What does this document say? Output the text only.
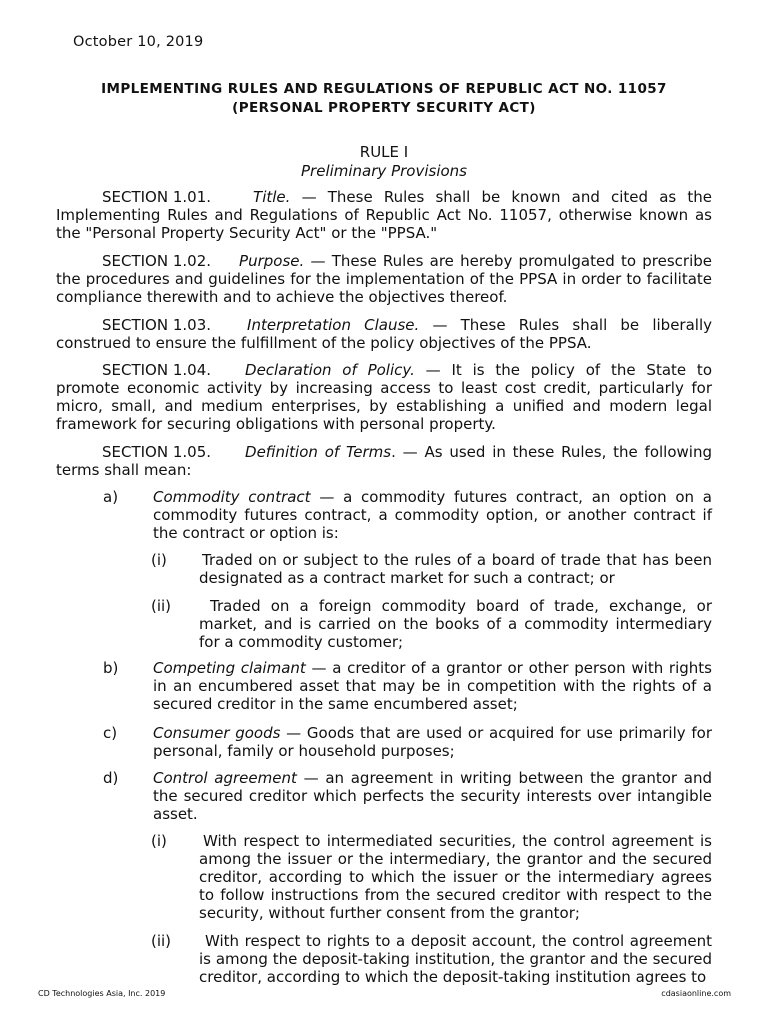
October 10, 2019
IMPLEMENTING RULES AND REGULATIONS OF REPUBLIC ACT NO. 11057
(PERSONAL PROPERTY SECURITY ACT)
RULE I
Preliminary Provisions
SECTION 1.01.	Title. — These Rules shall be known and cited as the Implementing Rules and Regulations of Republic Act No. 11057, otherwise known as the "Personal Property Security Act" or the "PPSA."
SECTION 1.02. Purpose. — These Rules are hereby promulgated to prescribe the procedures and guidelines for the implementation of the PPSA in order to facilitate compliance therewith and to achieve the objectives thereof.
SECTION 1.03. Interpretation Clause. — These Rules shall be liberally construed to ensure the fulfillment of the policy objectives of the PPSA.
SECTION 1.04. Declaration of Policy. — It is the policy of the State to promote economic activity by increasing access to least cost credit, particularly for micro, small, and medium enterprises, by establishing a unified and modern legal framework for securing obligations with personal property.
SECTION 1.05. Definition of Terms. — As used in these Rules, the following terms shall mean:
a) Commodity contract — a commodity futures contract, an option on a commodity futures contract, a commodity option, or another contract if the contract or option is:
(i) Traded on or subject to the rules of a board of trade that has been designated as a contract market for such a contract; or
(ii)	Traded on a foreign commodity board of trade, exchange, or market, and is carried on the books of a commodity intermediary for a commodity customer;
b) Competing claimant — a creditor of a grantor or other person with rights in an encumbered asset that may be in competition with the rights of a secured creditor in the same encumbered asset;
c) Consumer goods — Goods that are used or acquired for use primarily for personal, family or household purposes;
d) Control agreement — an agreement in writing between the grantor and the secured creditor which perfects the security interests over intangible asset.
(i) With respect to intermediated securities, the control agreement is among the issuer or the intermediary, the grantor and the secured creditor, according to which the issuer or the intermediary agrees to follow instructions from the secured creditor with respect to the security, without further consent from the grantor;
(ii)	With respect to rights to a deposit account, the control agreement is among the deposit-taking institution, the grantor and the secured creditor, according to which the deposit-taking institution agrees to
CD Technologies Asia, Inc. 2019	cdasiaonline.com
